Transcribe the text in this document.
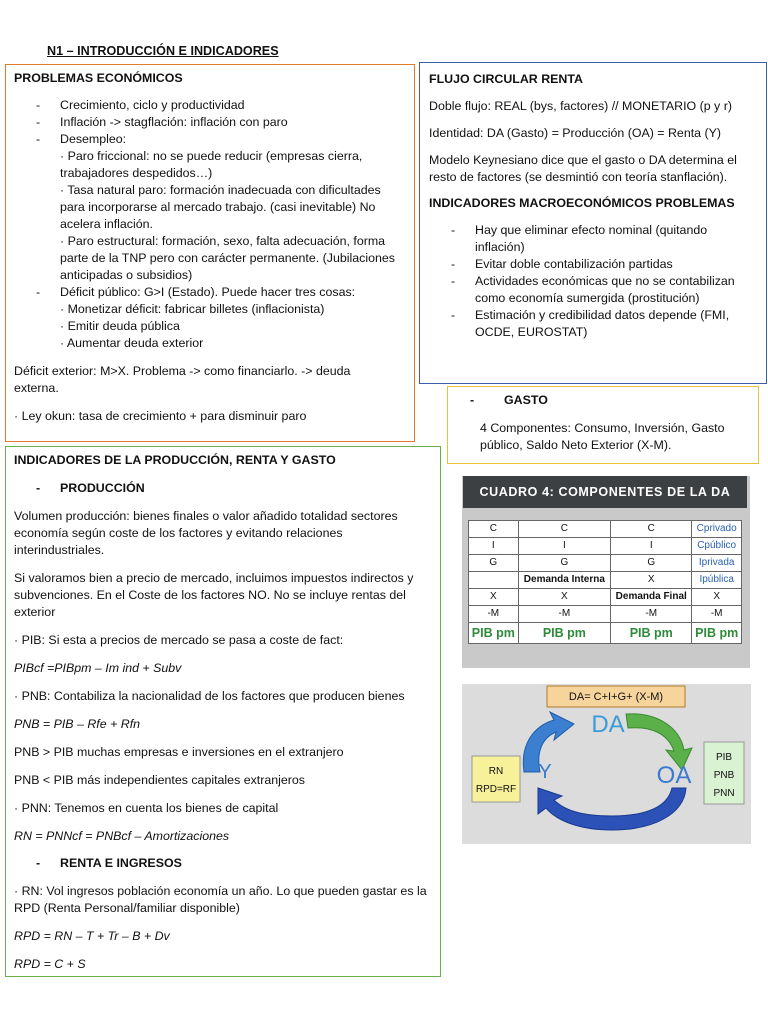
N1 – INTRODUCCIÓN E INDICADORES

PROBLEMAS ECONÓMICOS

- Crecimiento, ciclo y productividad
- Inflación -> stagflación: inflación con paro
- Desempleo:
· Paro friccional: no se puede reducir (empresas cierra, trabajadores despedidos…)
· Tasa natural paro: formación inadecuada con dificultades para incorporarse al mercado trabajo. (casi inevitable) No acelera inflación.
· Paro estructural: formación, sexo, falta adecuación, forma parte de la TNP pero con carácter permanente. (Jubilaciones anticipadas o subsidios)
- Déficit público: G>I (Estado). Puede hacer tres cosas:
· Monetizar déficit: fabricar billetes (inflacionista)
· Emitir deuda pública
· Aumentar deuda exterior

Déficit exterior: M>X. Problema -> como financiarlo. -> deuda externa.

· Ley okun: tasa de crecimiento + para disminuir paro

FLUJO CIRCULAR RENTA

Doble flujo: REAL (bys, factores) // MONETARIO (p y r)

Identidad: DA (Gasto) = Producción (OA) = Renta (Y)

Modelo Keynesiano dice que el gasto o DA determina el resto de factores (se desmintió con teoría stanflación).

INDICADORES MACROECONÓMICOS PROBLEMAS

- Hay que eliminar efecto nominal (quitando inflación)
- Evitar doble contabilización partidas
- Actividades económicas que no se contabilizan como economía sumergida (prostitución)
- Estimación y credibilidad datos depende (FMI, OCDE, EUROSTAT)
- GASTO

4 Componentes: Consumo, Inversión, Gasto público, Saldo Neto Exterior (X-M).

INDICADORES DE LA PRODUCCIÓN, RENTA Y GASTO

- PRODUCCIÓN

Volumen producción: bienes finales o valor añadido totalidad sectores economía según coste de los factores y evitando relaciones interindustriales.

Si valoramos bien a precio de mercado, incluimos impuestos indirectos y subvenciones. En el Coste de los factores NO. No se incluye rentas del exterior

· PIB: Si esta a precios de mercado se pasa a coste de fact:

PIBcf =PIBpm – Im ind + Subv

· PNB: Contabiliza la nacionalidad de los factores que producen bienes

PNB = PIB – Rfe + Rfn

PNB > PIB muchas empresas e inversiones en el extranjero

PNB < PIB más independientes capitales extranjeros

· PNN: Tenemos en cuenta los bienes de capital

RN = PNNcf = PNBcf – Amortizaciones

- RENTA E INGRESOS

· RN: Vol ingresos población economía un año. Lo que pueden gastar es la RPD (Renta Personal/familiar disponible)

RPD = RN – T + Tr – B + Dv

RPD = C + S

CUADRO 4: COMPONENTES DE LA DA
C	C	C	Cprivado
I	I	I	Cpúblico
G	G	G	Iprivada
	Demanda Interna	X	Ipública
X	X	Demanda Final	X
-M	-M	-M	-M
PIB pm	PIB pm	PIB pm	PIB pm
DA= C+I+G+ (X-M)
DA
OA
Y
RN
RPD=RF
PIB
PNB
PNN
